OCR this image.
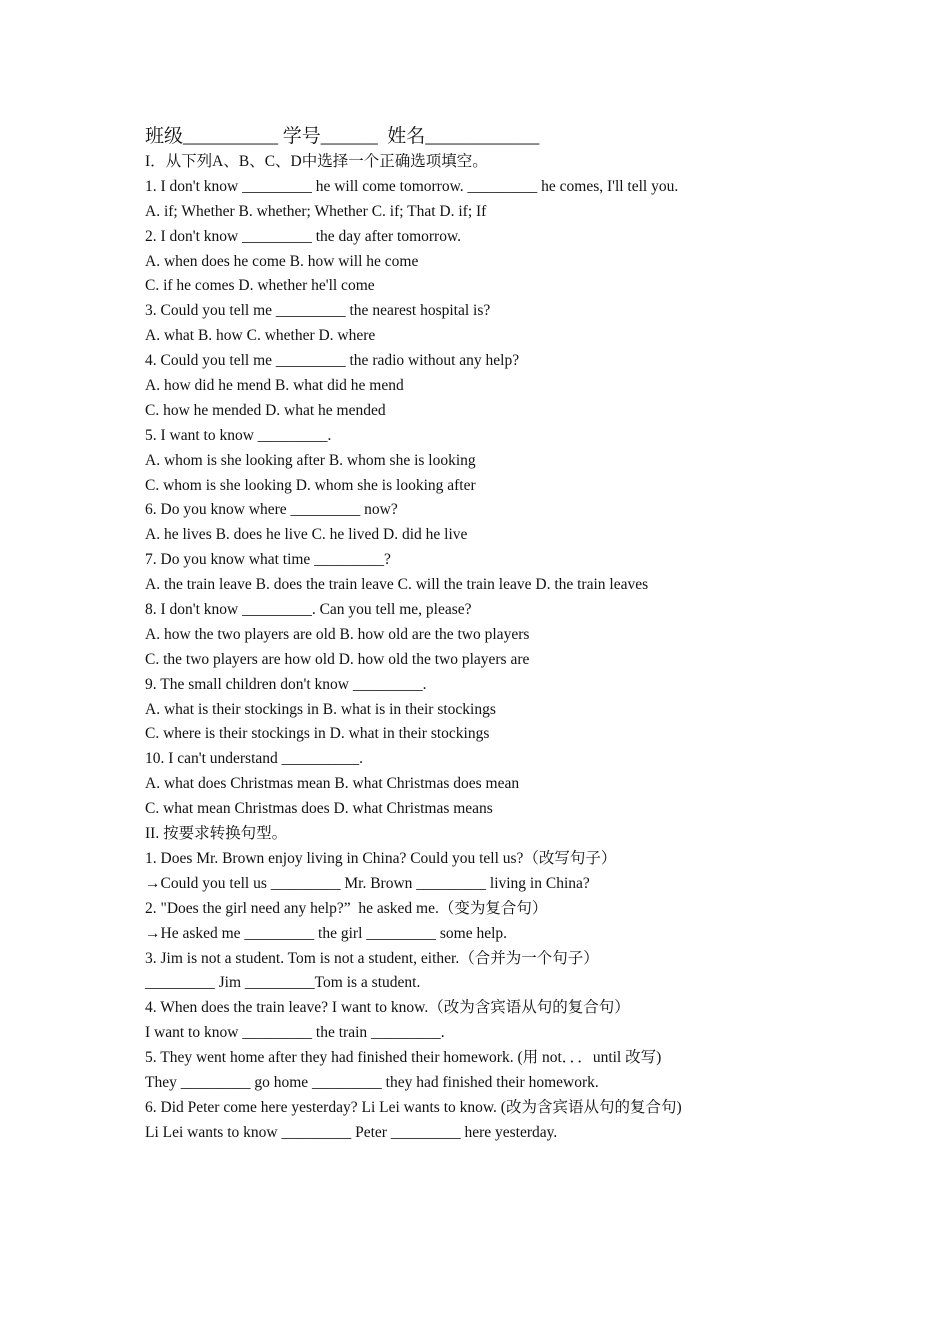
班级__________ 学号______  姓名____________
I．从下列A、B、C、D中选择一个正确选项填空。
1. I don't know _________ he will come tomorrow. _________ he comes, I'll tell you.
A. if; Whether B. whether; Whether C. if; That D. if; If
2. I don't know _________ the day after tomorrow.
A. when does he come B. how will he come
C. if he comes D. whether he'll come
3. Could you tell me _________ the nearest hospital is?
A. what B. how C. whether D. where
4. Could you tell me _________ the radio without any help?
A. how did he mend B. what did he mend
C. how he mended D. what he mended
5. I want to know _________.
A. whom is she looking after B. whom she is looking
C. whom is she looking D. whom she is looking after
6. Do you know where _________ now?
A. he lives B. does he live C. he lived D. did he live
7. Do you know what time _________?
A. the train leave B. does the train leave C. will the train leave D. the train leaves
8. I don't know _________. Can you tell me, please?
A. how the two players are old B. how old are the two players
C. the two players are how old D. how old the two players are
9. The small children don't know _________.
A. what is their stockings in B. what is in their stockings
C. where is their stockings in D. what in their stockings
10. I can't understand __________.
A. what does Christmas mean B. what Christmas does mean
C. what mean Christmas does D. what Christmas means
II. 按要求转换句型。
1. Does Mr. Brown enjoy living in China? Could you tell us?（改写句子）
→Could you tell us _________ Mr. Brown _________ living in China?
2. "Does the girl need any help?”  he asked me.（变为复合句）
→He asked me _________ the girl _________ some help.
3. Jim is not a student. Tom is not a student, either.（合并为一个句子）
_________ Jim _________Tom is a student.
4. When does the train leave? I want to know.（改为含宾语从句的复合句）
I want to know _________ the train _________.
5. They went home after they had finished their homework. (用 not．．．until 改写)
They _________ go home _________ they had finished their homework.
6. Did Peter come here yesterday? Li Lei wants to know. (改为含宾语从句的复合句)
Li Lei wants to know _________ Peter _________ here yesterday.
